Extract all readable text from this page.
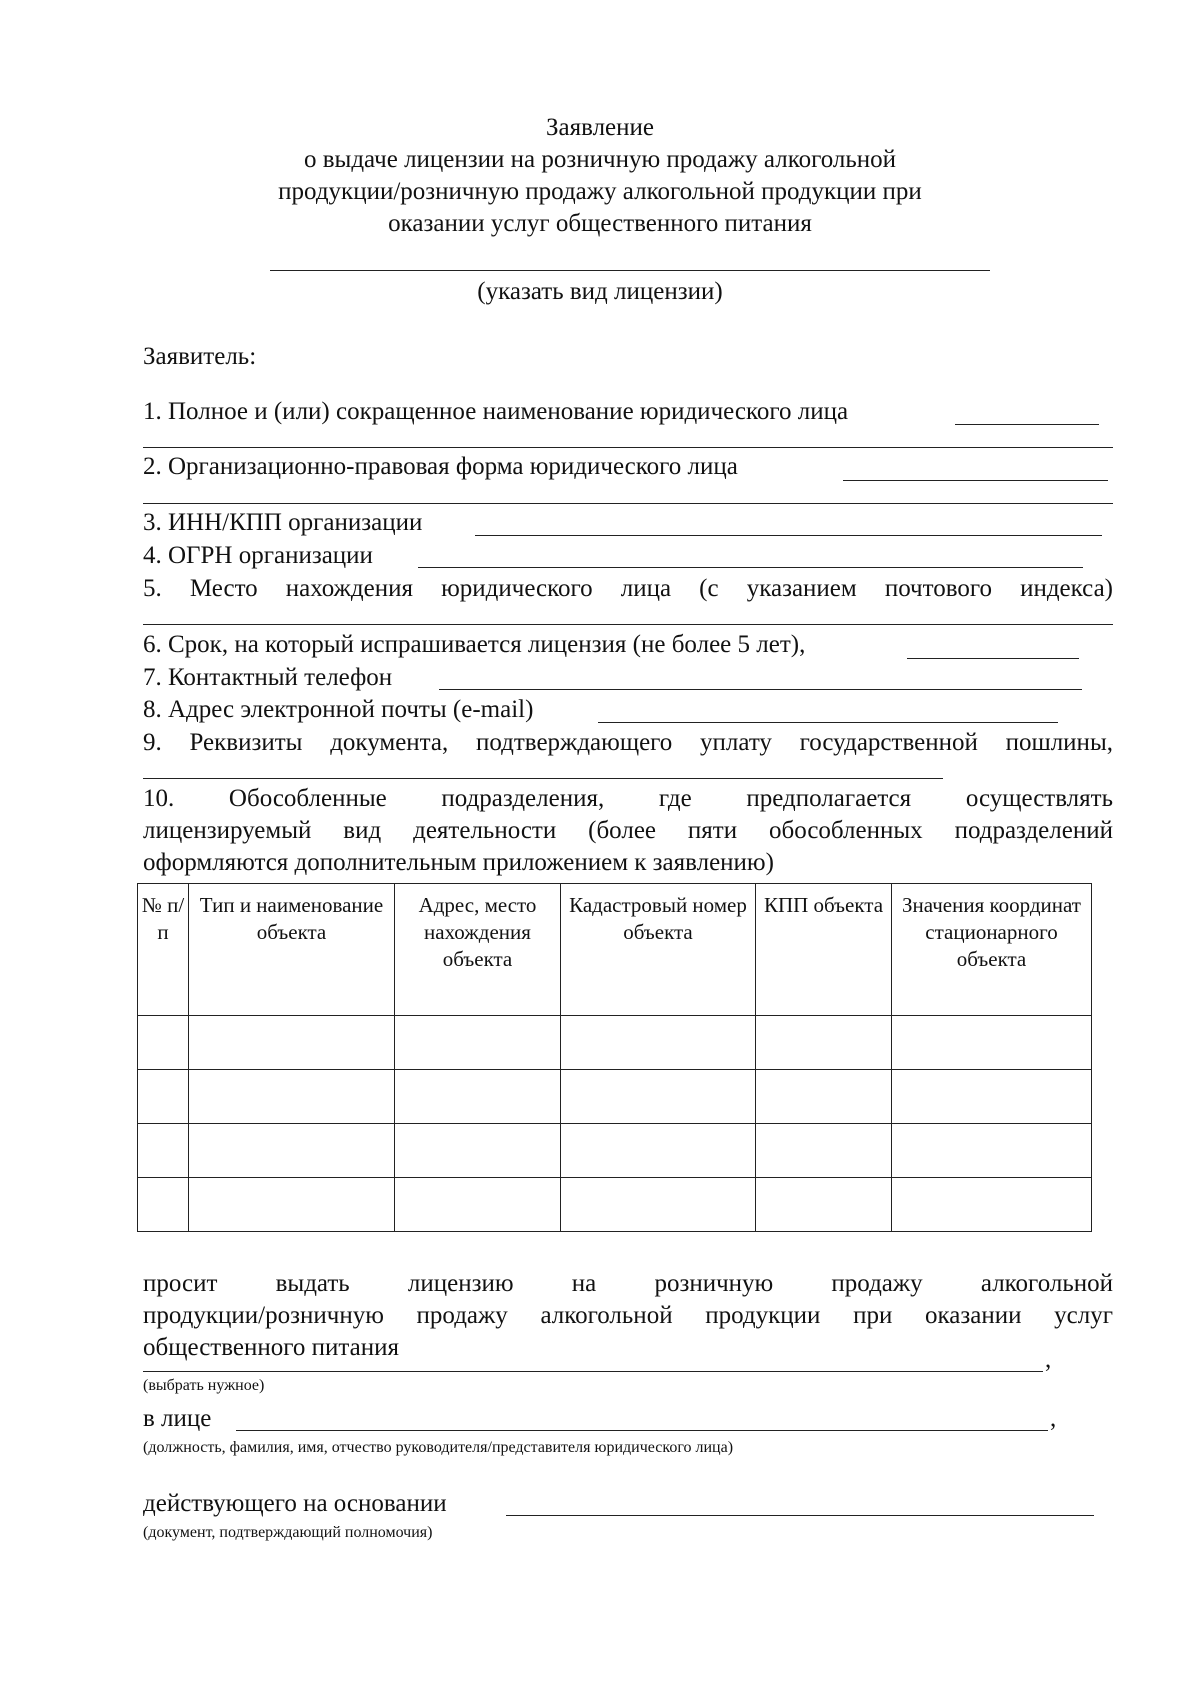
Заявление
о выдаче лицензии на розничную продажу алкогольной
продукции/розничную продажу алкогольной продукции при
оказании услуг общественного питания
(указать вид лицензии)
Заявитель:
1. Полное и (или) сокращенное наименование юридического лица
2. Организационно-правовая форма юридического лица
3. ИНН/КПП организации
4. ОГРН организации
5. Место нахождения юридического лица (с указанием почтового индекса)
6. Срок, на который испрашивается лицензия (не более 5 лет),
7. Контактный телефон
8. Адрес электронной почты (e-mail)
9. Реквизиты документа, подтверждающего уплату государственной пошлины,
10. Обособленные подразделения, где предполагается осуществлять
лицензируемый вид деятельности (более пяти обособленных подразделений
оформляются дополнительным приложением к заявлению)
№ п/п	Тип и наименование объекта	Адрес, место нахождения объекта	Кадастровый номер объекта	КПП объекта	Значения координат стационарного объекта

просит выдать лицензию на розничную продажу алкогольной
продукции/розничную продажу алкогольной продукции при оказании услуг
общественного питания	,
(выбрать нужное)
в лице	,
(должность, фамилия, имя, отчество руководителя/представителя юридического лица)
действующего на основании
(документ, подтверждающий полномочия)
